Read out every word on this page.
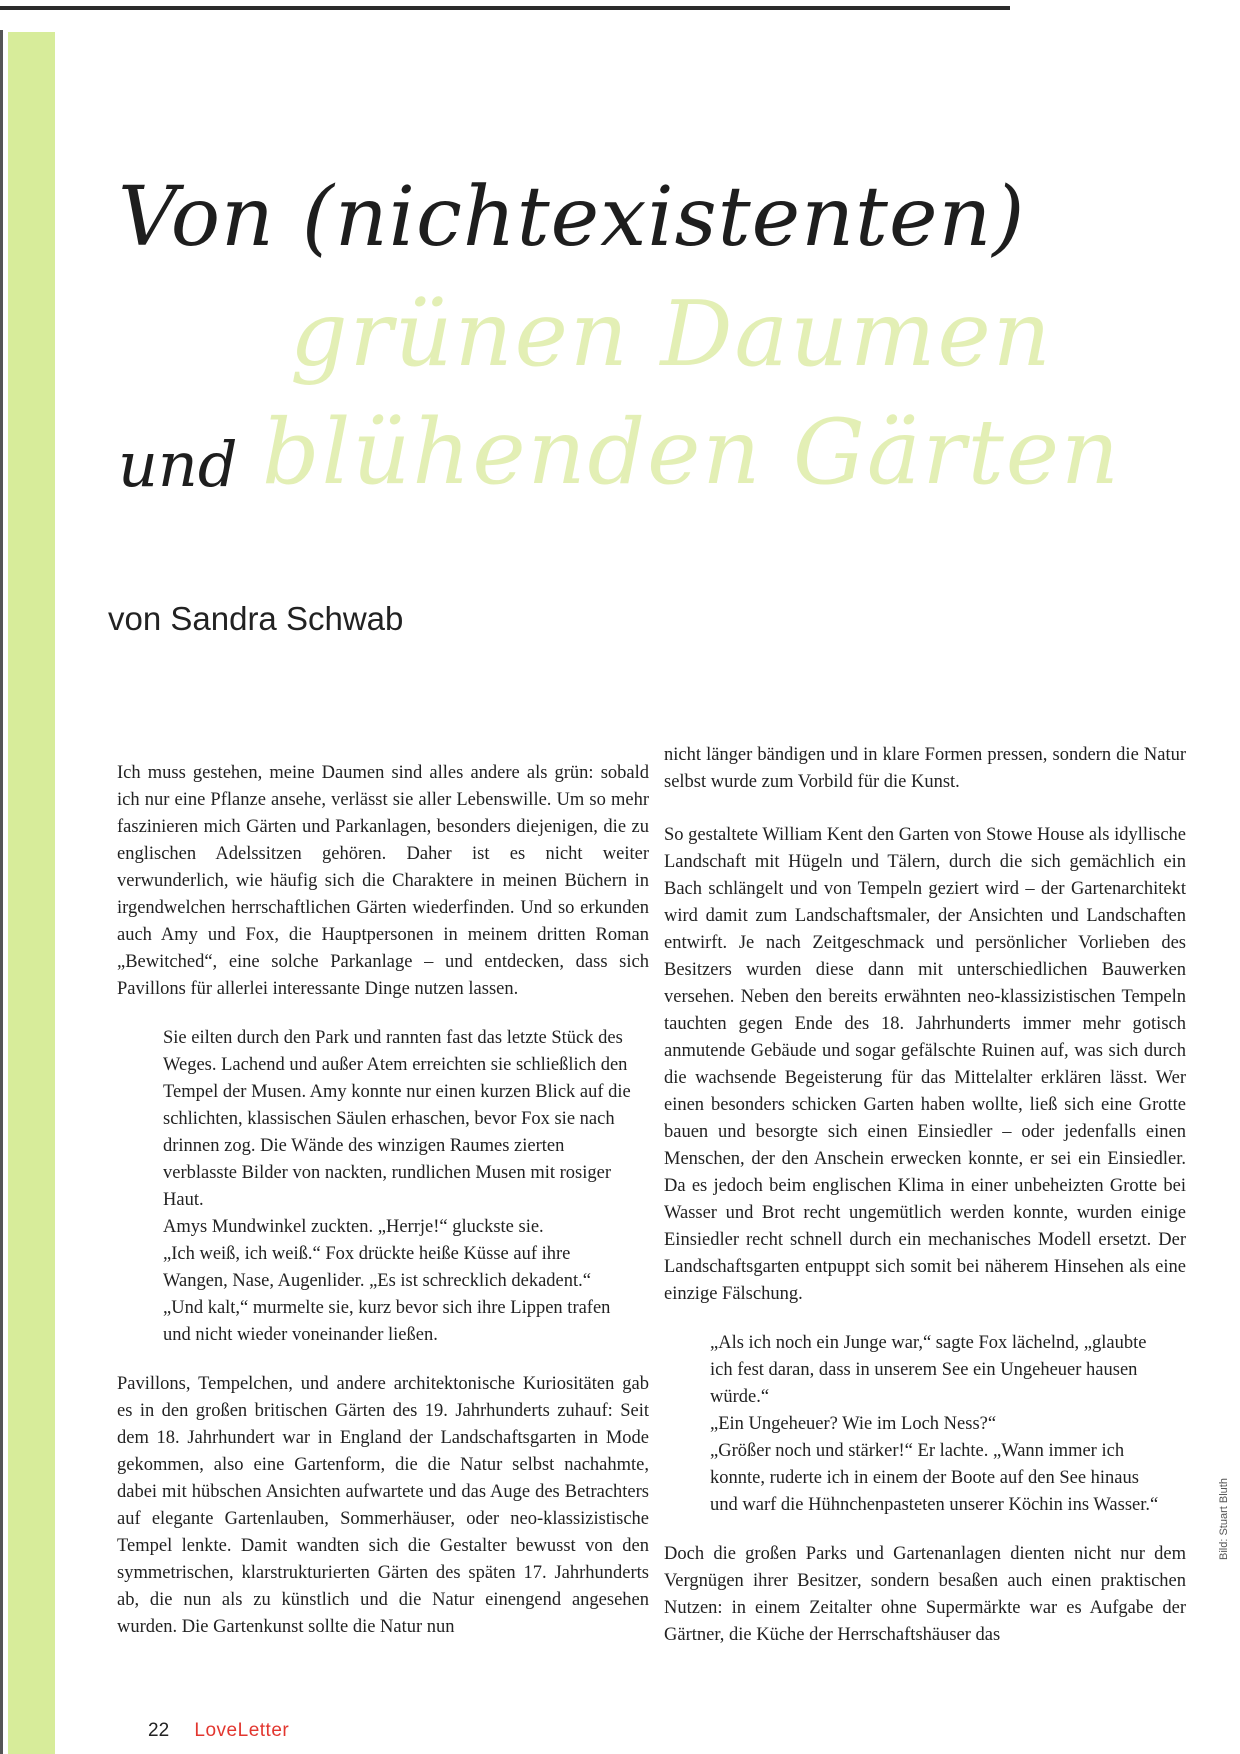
Von (nichtexistenten)
grünen Daumen
blühenden Gärten
und
von Sandra Schwab

Ich muss gestehen, meine Daumen sind alles andere als grün: sobald ich nur eine Pflanze ansehe, verlässt sie aller Lebenswille. Um so mehr faszinieren mich Gärten und Parkanlagen, besonders diejenigen, die zu englischen Adelssitzen gehören. Daher ist es nicht weiter verwunderlich, wie häufig sich die Charaktere in meinen Büchern in irgendwelchen herrschaftlichen Gärten wiederfinden. Und so erkunden auch Amy und Fox, die Hauptpersonen in meinem dritten Roman „Bewitched“, eine solche Parkanlage – und entdecken, dass sich Pavillons für allerlei interessante Dinge nutzen lassen.

Sie eilten durch den Park und rannten fast das letzte Stück des Weges. Lachend und außer Atem erreichten sie schließlich den Tempel der Musen. Amy konnte nur einen kurzen Blick auf die schlichten, klassischen Säulen erhaschen, bevor Fox sie nach drinnen zog. Die Wände des winzigen Raumes zierten verblasste Bilder von nackten, rundlichen Musen mit rosiger Haut.

Amys Mundwinkel zuckten. „Herrje!“ gluckste sie.

„Ich weiß, ich weiß.“ Fox drückte heiße Küsse auf ihre Wangen, Nase, Augenlider. „Es ist schrecklich dekadent.“

„Und kalt,“ murmelte sie, kurz bevor sich ihre Lippen trafen und nicht wieder voneinander ließen.

Pavillons, Tempelchen, und andere architektonische Kuriositäten gab es in den großen britischen Gärten des 19. Jahrhunderts zuhauf: Seit dem 18. Jahrhundert war in England der Landschaftsgarten in Mode gekommen, also eine Gartenform, die die Natur selbst nachahmte, dabei mit hübschen Ansichten aufwartete und das Auge des Betrachters auf elegante Gartenlauben, Sommerhäuser, oder neo-klassizistische Tempel lenkte. Damit wandten sich die Gestalter bewusst von den symmetrischen, klarstrukturierten Gärten des späten 17. Jahrhunderts ab, die nun als zu künstlich und die Natur einengend angesehen wurden. Die Gartenkunst sollte die Natur nun

nicht länger bändigen und in klare Formen pressen, sondern die Natur selbst wurde zum Vorbild für die Kunst.

So gestaltete William Kent den Garten von Stowe House als idyllische Landschaft mit Hügeln und Tälern, durch die sich gemächlich ein Bach schlängelt und von Tempeln geziert wird – der Gartenarchitekt wird damit zum Landschaftsmaler, der Ansichten und Landschaften entwirft. Je nach Zeitgeschmack und persönlicher Vorlieben des Besitzers wurden diese dann mit unterschiedlichen Bauwerken versehen. Neben den bereits erwähnten neo-klassizistischen Tempeln tauchten gegen Ende des 18. Jahrhunderts immer mehr gotisch anmutende Gebäude und sogar gefälschte Ruinen auf, was sich durch die wachsende Begeisterung für das Mittelalter erklären lässt. Wer einen besonders schicken Garten haben wollte, ließ sich eine Grotte bauen und besorgte sich einen Einsiedler – oder jedenfalls einen Menschen, der den Anschein erwecken konnte, er sei ein Einsiedler. Da es jedoch beim englischen Klima in einer unbeheizten Grotte bei Wasser und Brot recht ungemütlich werden konnte, wurden einige Einsiedler recht schnell durch ein mechanisches Modell ersetzt. Der Landschaftsgarten entpuppt sich somit bei näherem Hinsehen als eine einzige Fälschung.

„Als ich noch ein Junge war,“ sagte Fox lächelnd, „glaubte ich fest daran, dass in unserem See ein Ungeheuer hausen würde.“

„Ein Ungeheuer? Wie im Loch Ness?“

„Größer noch und stärker!“ Er lachte. „Wann immer ich konnte, ruderte ich in einem der Boote auf den See hinaus und warf die Hühnchenpasteten unserer Köchin ins Wasser.“

Doch die großen Parks und Gartenanlagen dienten nicht nur dem Vergnügen ihrer Besitzer, sondern besaßen auch einen praktischen Nutzen: in einem Zeitalter ohne Supermärkte war es Aufgabe der Gärtner, die Küche der Herrschaftshäuser das

22 LoveLetter
Bild: Stuart Bluth
